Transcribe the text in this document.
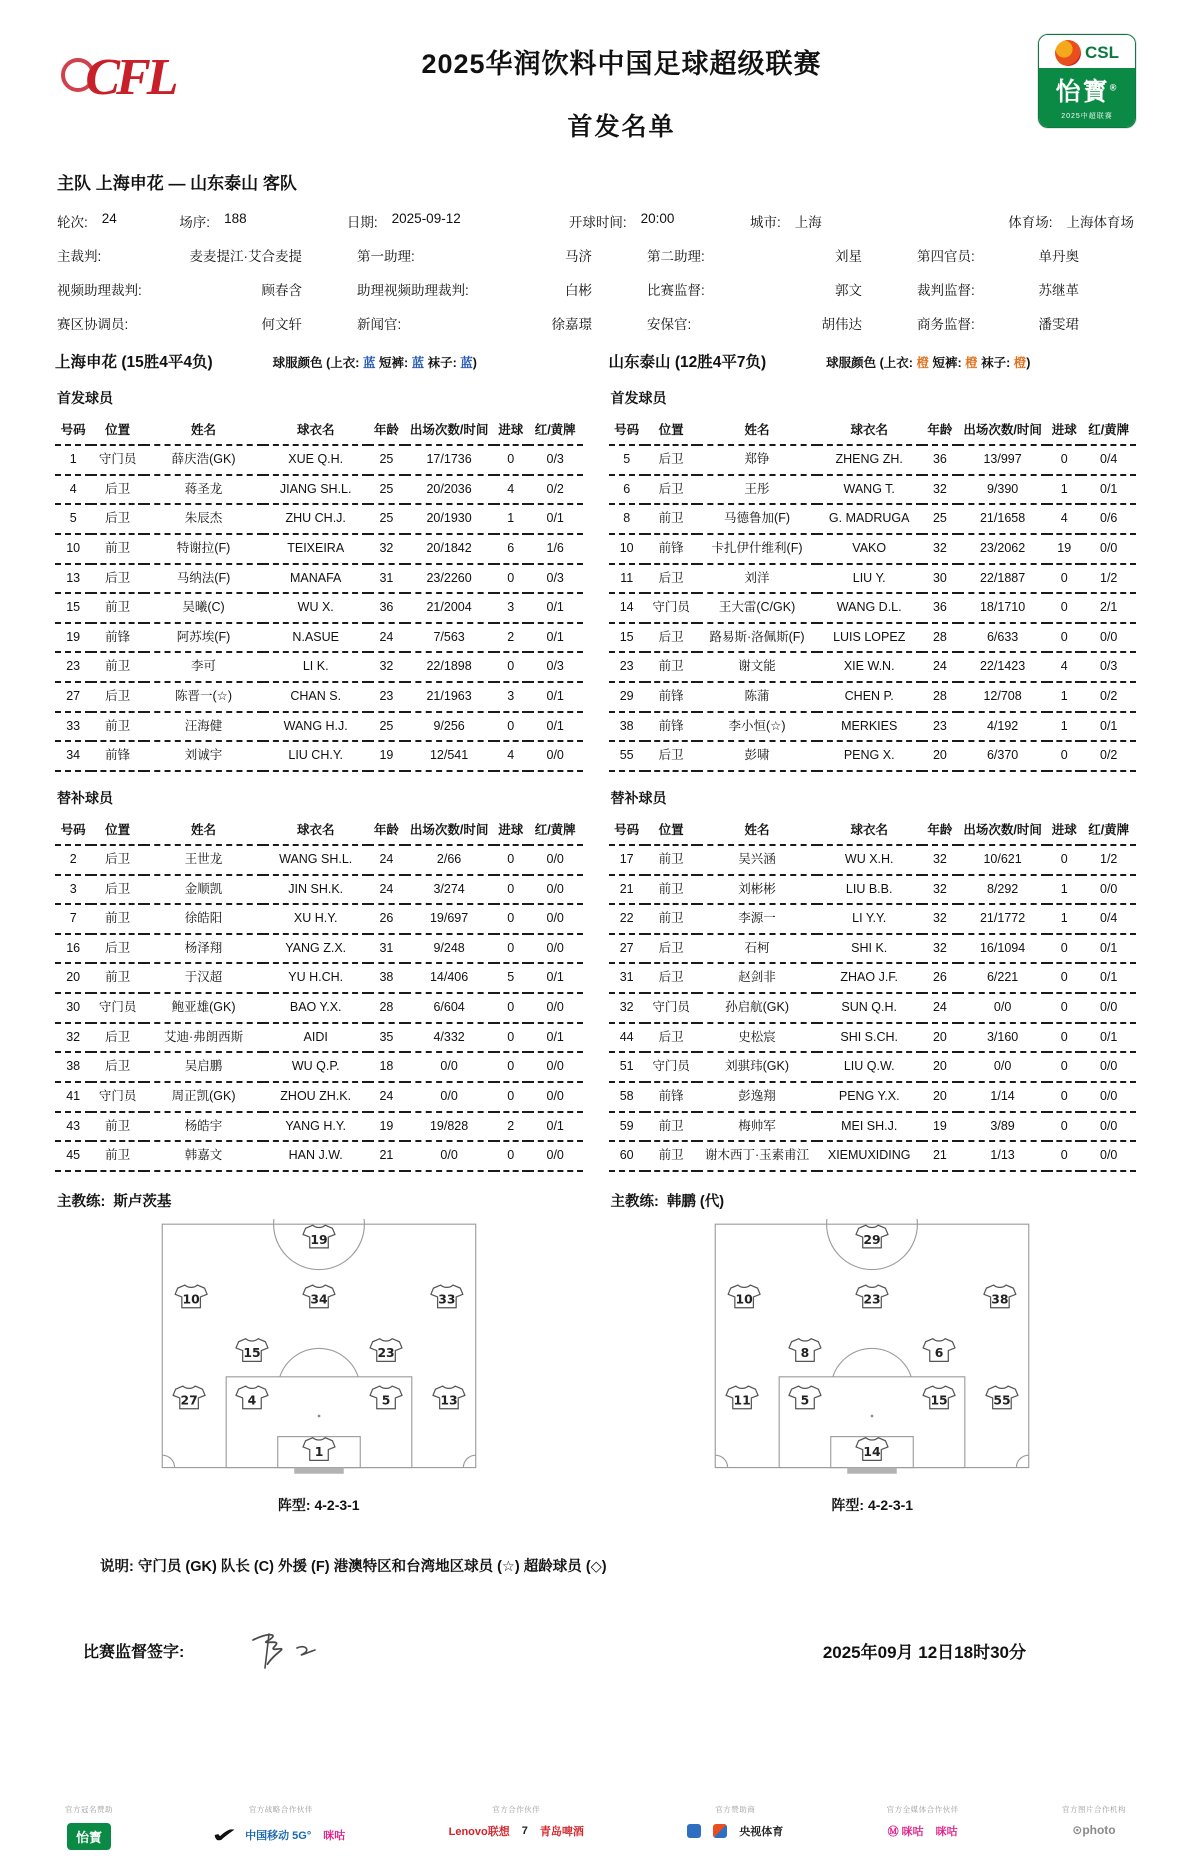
CFL	2025华润饮料中国足球超级联赛
首发名单
CSL
怡寳®
2025中超联赛
主队 上海申花 — 山东泰山 客队
轮次: 24	场序: 188	日期: 2025-09-12	开球时间: 20:00	城市: 上海	体育场: 上海体育场
主裁判:	麦麦提江·艾合麦提	第一助理:	马济	第二助理:	刘星	第四官员:	单丹奥
视频助理裁判:	顾春含	助理视频助理裁判:	白彬	比赛监督:	郭文	裁判监督:	苏继革
赛区协调员:	何文轩	新闻官:	徐嘉璟	安保官:	胡伟达	商务监督:	潘雯珺
上海申花 (15胜4平4负)	球服颜色 (上衣: 蓝 短裤: 蓝 袜子: 蓝)	山东泰山 (12胜4平7负)	球服颜色 (上衣: 橙 短裤: 橙 袜子: 橙)
首发球员
号码	位置	姓名	球衣名	年龄	出场次数/时间	进球	红/黄牌
1	守门员	薛庆浩(GK)	XUE Q.H.	25	17/1736	0	0/3
4	后卫	蒋圣龙	JIANG SH.L.	25	20/2036	4	0/2
5	后卫	朱辰杰	ZHU CH.J.	25	20/1930	1	0/1
10	前卫	特谢拉(F)	TEIXEIRA	32	20/1842	6	1/6
13	后卫	马纳法(F)	MANAFA	31	23/2260	0	0/3
15	前卫	吴曦(C)	WU X.	36	21/2004	3	0/1
19	前锋	阿苏埃(F)	N.ASUE	24	7/563	2	0/1
23	前卫	李可	LI K.	32	22/1898	0	0/3
27	后卫	陈晋一(☆)	CHAN S.	23	21/1963	3	0/1
33	前卫	汪海健	WANG H.J.	25	9/256	0	0/1
34	前锋	刘诚宇	LIU CH.Y.	19	12/541	4	0/0
替补球员
号码	位置	姓名	球衣名	年龄	出场次数/时间	进球	红/黄牌
2	后卫	王世龙	WANG SH.L.	24	2/66	0	0/0
3	后卫	金顺凯	JIN SH.K.	24	3/274	0	0/0
7	前卫	徐皓阳	XU H.Y.	26	19/697	0	0/0
16	后卫	杨泽翔	YANG Z.X.	31	9/248	0	0/0
20	前卫	于汉超	YU H.CH.	38	14/406	5	0/1
30	守门员	鲍亚雄(GK)	BAO Y.X.	28	6/604	0	0/0
32	后卫	艾迪·弗朗西斯	AIDI	35	4/332	0	0/1
38	后卫	吴启鹏	WU Q.P.	18	0/0	0	0/0
41	守门员	周正凯(GK)	ZHOU ZH.K.	24	0/0	0	0/0
43	前卫	杨皓宇	YANG H.Y.	19	19/828	2	0/1
45	前卫	韩嘉文	HAN J.W.	21	0/0	0	0/0
主教练: 斯卢茨基
19
10	34	33
15	23
27	4	5	13
1
阵型: 4-2-3-1
首发球员
号码	位置	姓名	球衣名	年龄	出场次数/时间	进球	红/黄牌
5	后卫	郑铮	ZHENG ZH.	36	13/997	0	0/4
6	后卫	王彤	WANG T.	32	9/390	1	0/1
8	前卫	马德鲁加(F)	G. MADRUGA	25	21/1658	4	0/6
10	前锋	卡扎伊什维利(F)	VAKO	32	23/2062	19	0/0
11	后卫	刘洋	LIU Y.	30	22/1887	0	1/2
14	守门员	王大雷(C/GK)	WANG D.L.	36	18/1710	0	2/1
15	后卫	路易斯·洛佩斯(F)	LUIS LOPEZ	28	6/633	0	0/0
23	前卫	谢文能	XIE W.N.	24	22/1423	4	0/3
29	前锋	陈蒲	CHEN P.	28	12/708	1	0/2
38	前锋	李小恒(☆)	MERKIES	23	4/192	1	0/1
55	后卫	彭啸	PENG X.	20	6/370	0	0/2
替补球员
号码	位置	姓名	球衣名	年龄	出场次数/时间	进球	红/黄牌
17	前卫	吴兴涵	WU X.H.	32	10/621	0	1/2
21	前卫	刘彬彬	LIU B.B.	32	8/292	1	0/0
22	前卫	李源一	LI Y.Y.	32	21/1772	1	0/4
27	后卫	石柯	SHI K.	32	16/1094	0	0/1
31	后卫	赵剑非	ZHAO J.F.	26	6/221	0	0/1
32	守门员	孙启航(GK)	SUN Q.H.	24	0/0	0	0/0
44	后卫	史松宸	SHI S.CH.	20	3/160	0	0/1
51	守门员	刘骐玮(GK)	LIU Q.W.	20	0/0	0	0/0
58	前锋	彭逸翔	PENG Y.X.	20	1/14	0	0/0
59	前卫	梅帅军	MEI SH.J.	19	3/89	0	0/0
60	前卫	谢木西丁·玉素甫江	XIEMUXIDING	21	1/13	0	0/0
主教练: 韩鹏 (代)
29
10	23	38
8	6
11	5	15	55
14
阵型: 4-2-3-1
说明: 守门员 (GK) 队长 (C) 外援 (F) 港澳特区和台湾地区球员 (☆) 超龄球员 (◇)
比赛监督签字:	2025年09月 12日18时30分
官方冠名赞助
怡寳
官方战略合作伙伴
✔ 中国移动 5G° 咪咕
官方合作伙伴
Lenovo联想 7 青岛啤酒
官方赞助商
央视体育
官方全媒体合作伙伴
Ⓜ 咪咕 咪咕
官方图片合作机构
⊙photo
